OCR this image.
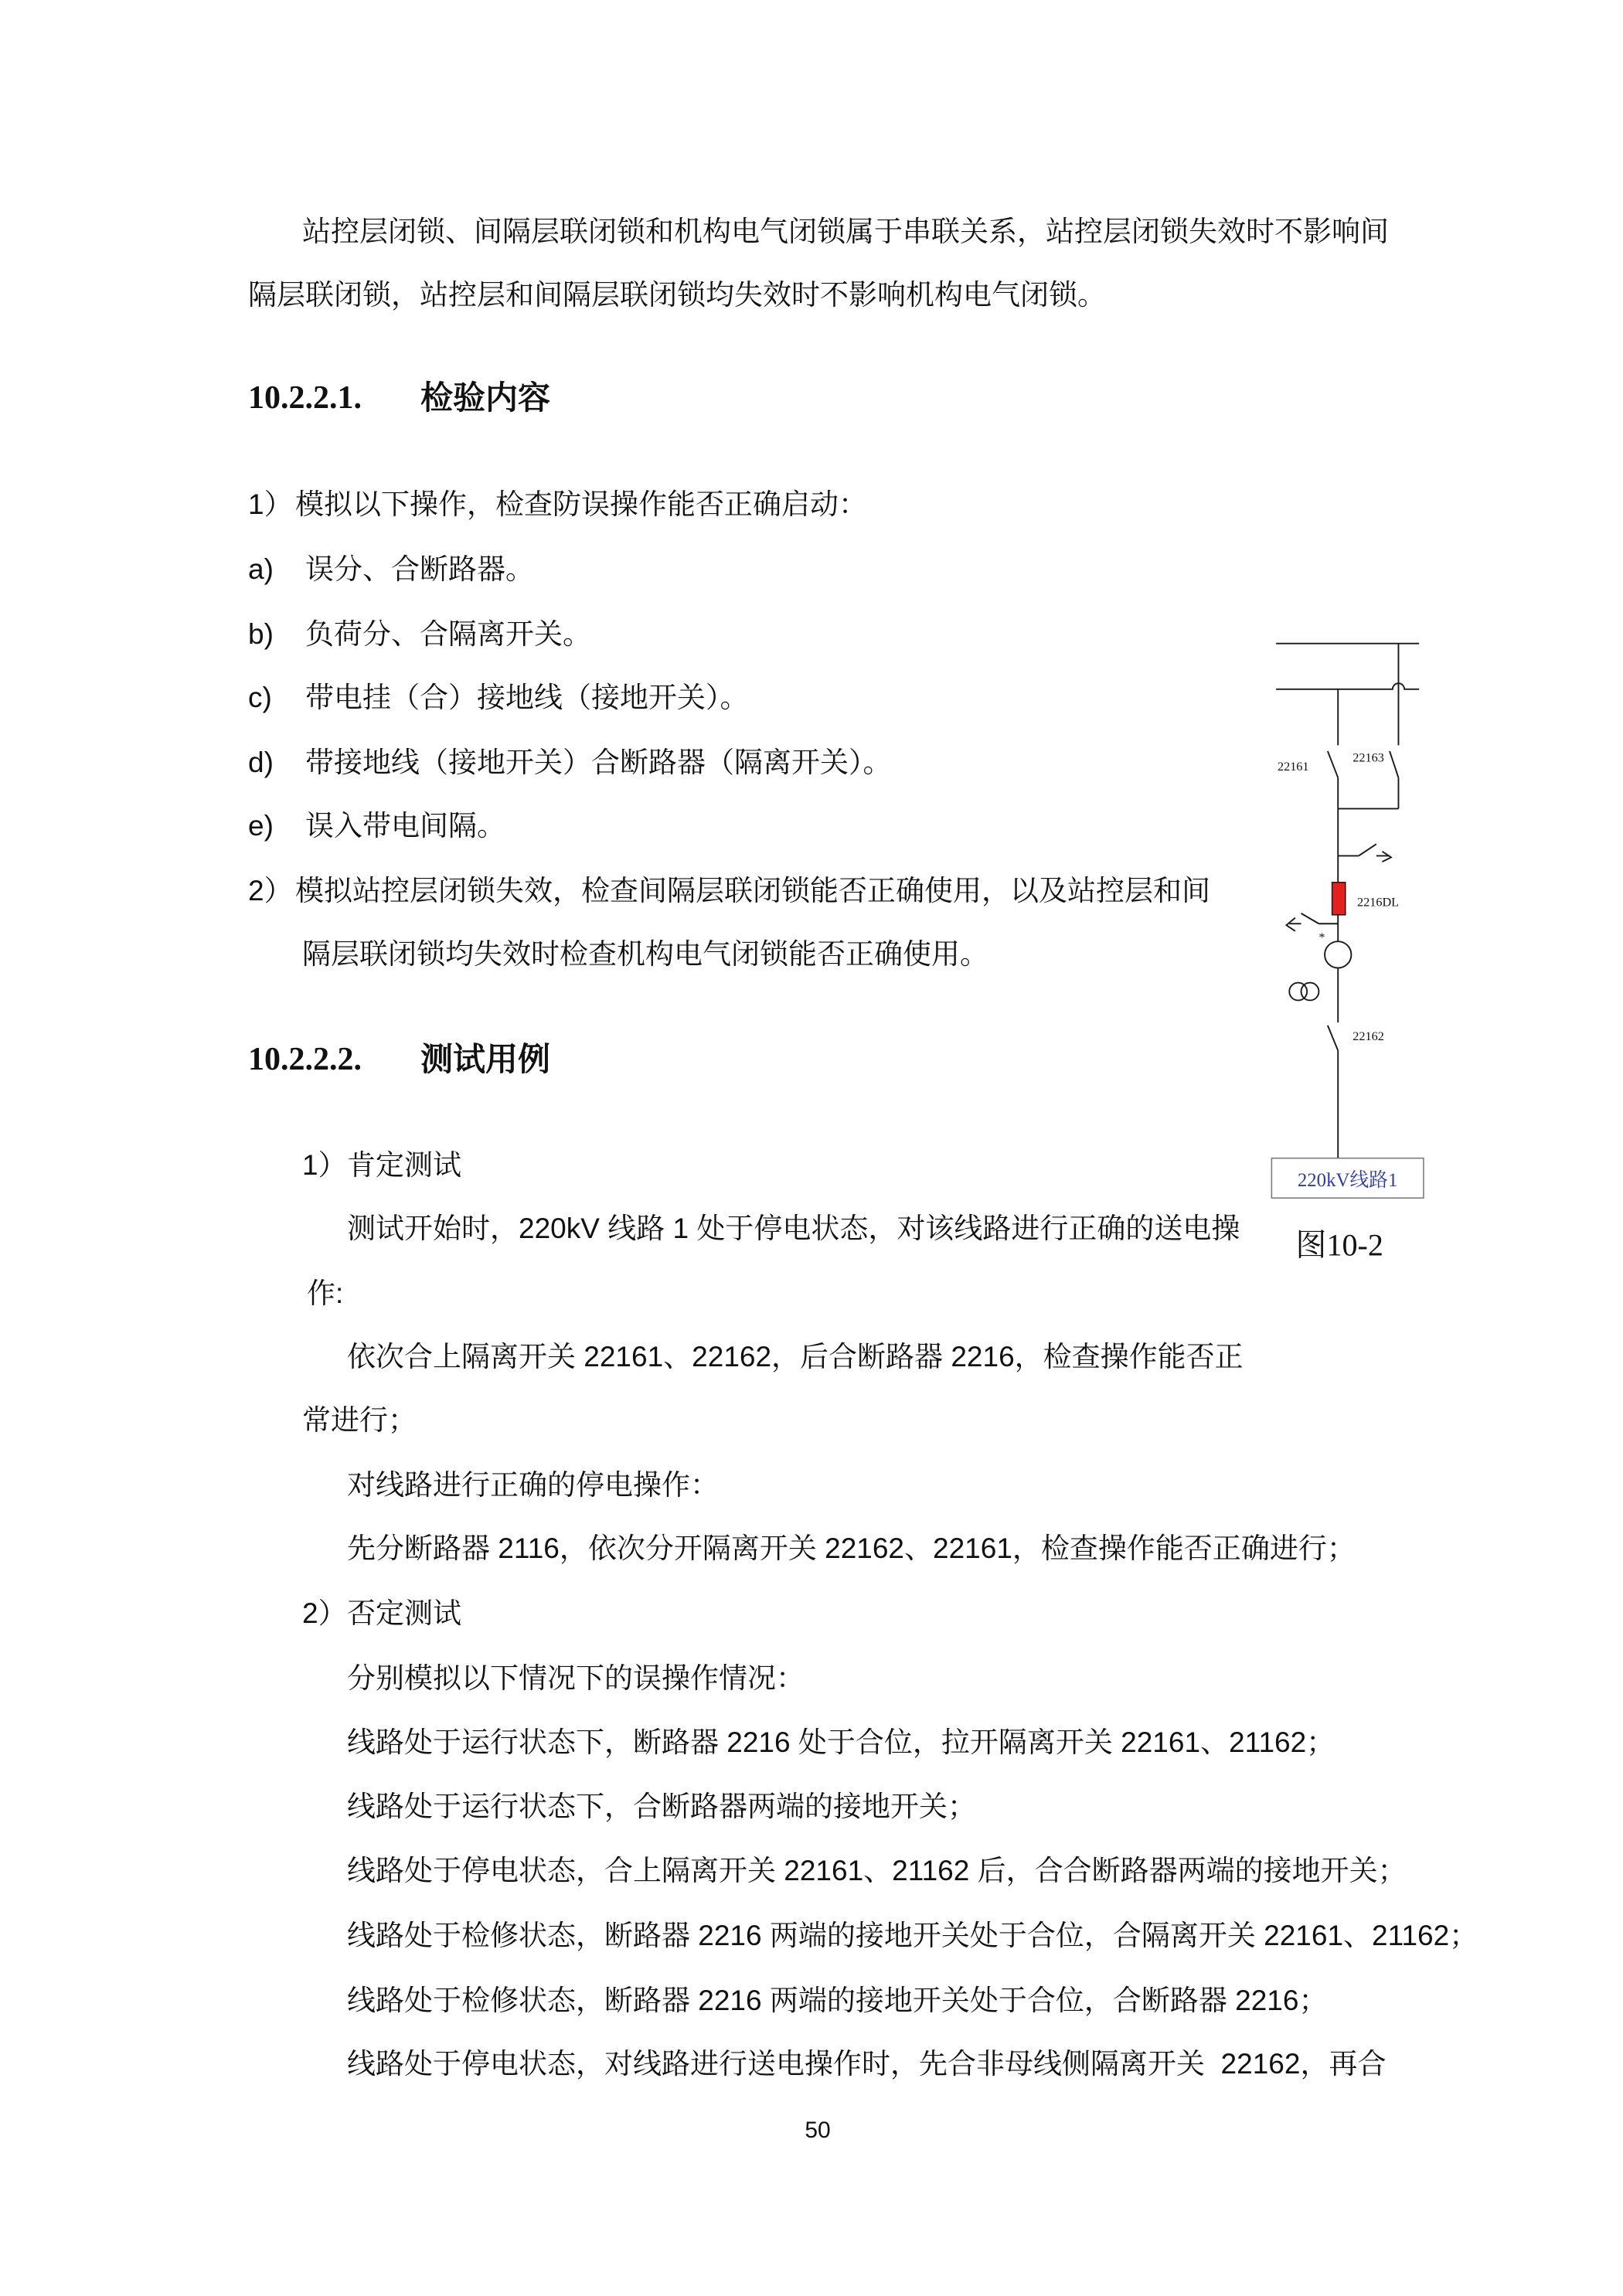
站控层闭锁、间隔层联闭锁和机构电气闭锁属于串联关系，站控层闭锁失效时不影响间
隔层联闭锁，站控层和间隔层联闭锁均失效时不影响机构电气闭锁。
10.2.2.1. 检验内容
1） 模拟以下操作，检查防误操作能否正确启动：
a) 误分、合断路器。
b) 负荷分、合隔离开关。
c) 带电挂（合）接地线（接地开关）。
d) 带接地线（接地开关）合断路器（隔离开关）。
e) 误入带电间隔。
2） 模拟站控层闭锁失效，检查间隔层联闭锁能否正确使用，以及站控层和间
隔层联闭锁均失效时检查机构电气闭锁能否正确使用。
10.2.2.2. 测试用例
1） 肯定测试
测试开始时，220kV 线路 1 处于停电状态，对该线路进行正确的送电操
作:
依次合上隔离开关 22161、22162，后合断路器 2216，检查操作能否正
常进行；
对线路进行正确的停电操作：
先分断路器 2116，依次分开隔离开关 22162、22161，检查操作能否正确进行；
2） 否定测试
分别模拟以下情况下的误操作情况：
线路处于运行状态下，断路器 2216 处于合位，拉开隔离开关 22161、21162；
线路处于运行状态下，合断路器两端的接地开关；
线路处于停电状态，合上隔离开关 22161、21162 后，合合断路器两端的接地开关；
线路处于检修状态，断路器 2216 两端的接地开关处于合位，合隔离开关 22161、21162；
线路处于检修状态，断路器 2216 两端的接地开关处于合位，合断路器 2216；
线路处于停电状态，对线路进行送电操作时，先合非母线侧隔离开关  22162，再合
50
22161
22163
2216DL
*
22162
220kV线路1
图10-2
